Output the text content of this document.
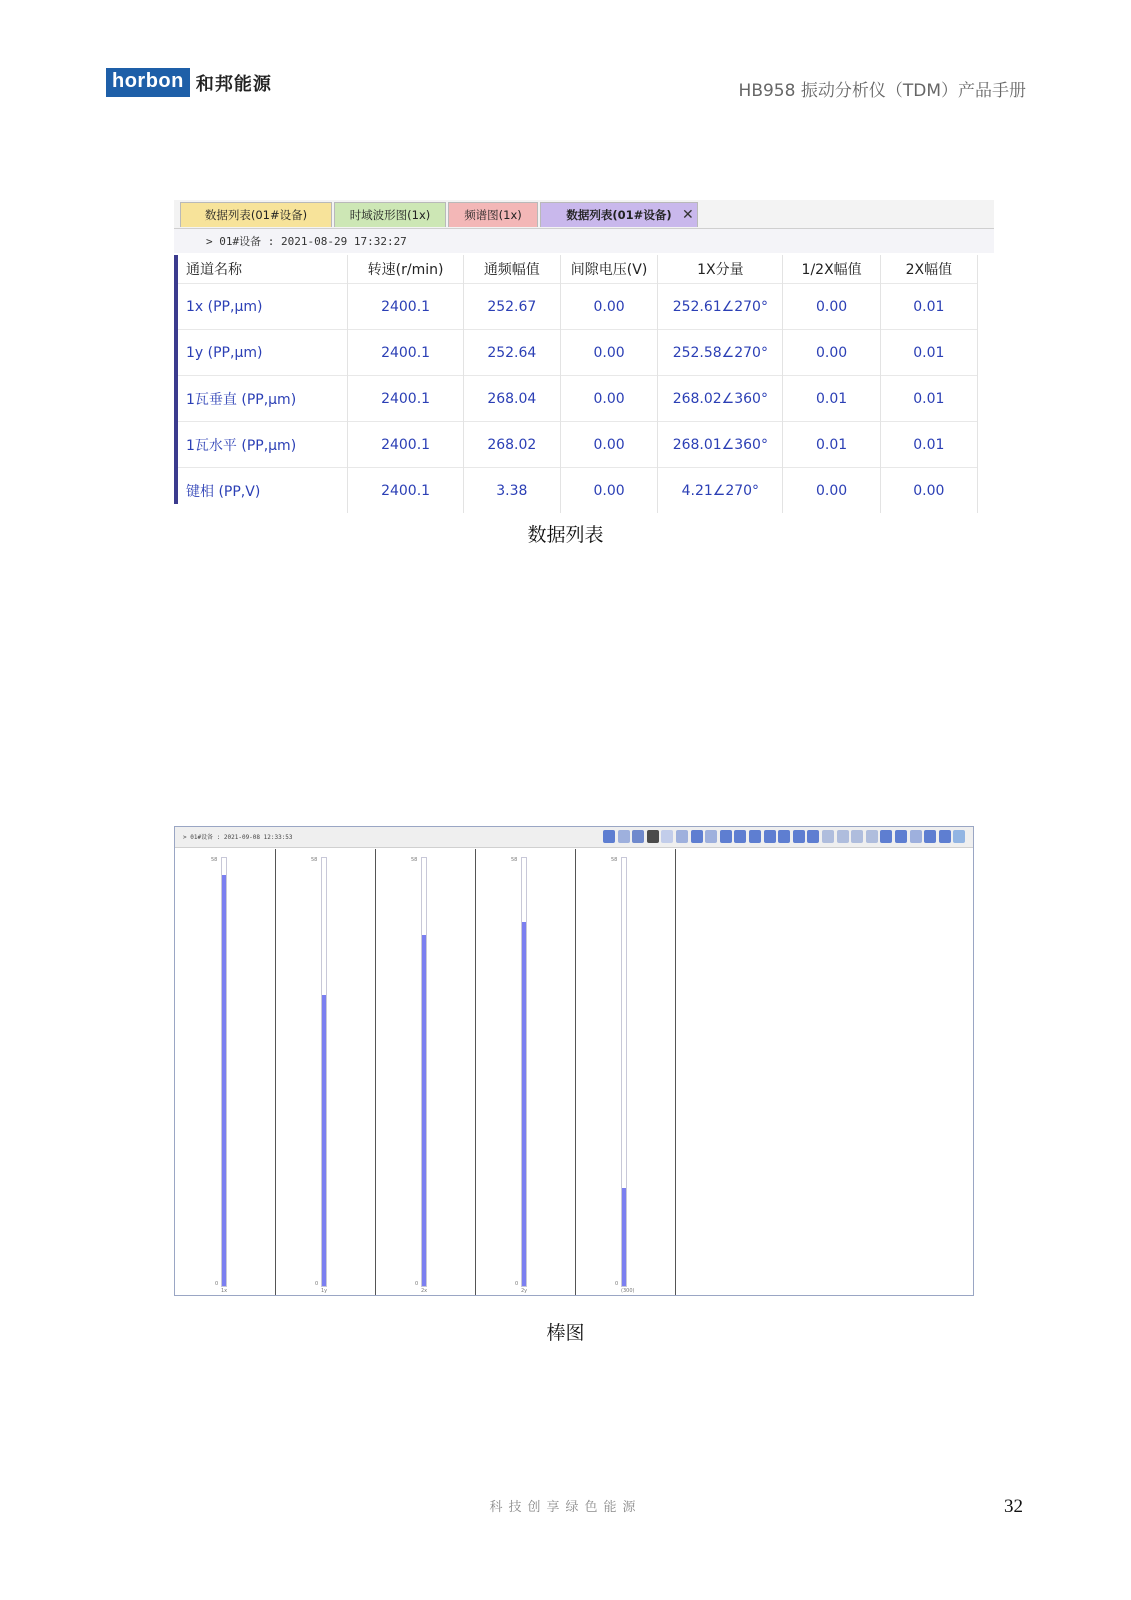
horbon 和邦能源	HB958 振动分析仪（TDM）产品手册
数据列表(01#设备)	时域波形图(1x)	频谱图(1x)	数据列表(01#设备) ✕
> 01#设备 : 2021-08-29 17:32:27
通道名称	转速(r/min)	通频幅值	间隙电压(V)	1X分量	1/2X幅值	2X幅值
1x (PP,μm)	2400.1	252.67	0.00	252.61∠270°	0.00	0.01
1y (PP,μm)	2400.1	252.64	0.00	252.58∠270°	0.00	0.01
1瓦垂直 (PP,μm)	2400.1	268.04	0.00	268.02∠360°	0.01	0.01
1瓦水平 (PP,μm)	2400.1	268.02	0.00	268.01∠360°	0.01	0.01
键相 (PP,V)	2400.1	3.38	0.00	4.21∠270°	0.00	0.00
数据列表
> 01#设备 : 2021-09-08 12:33:53
58
0
1x
58
0
1y
58
0
2x
58
0
2y
58
0
(300)
棒图
科技创享绿色能源	32
